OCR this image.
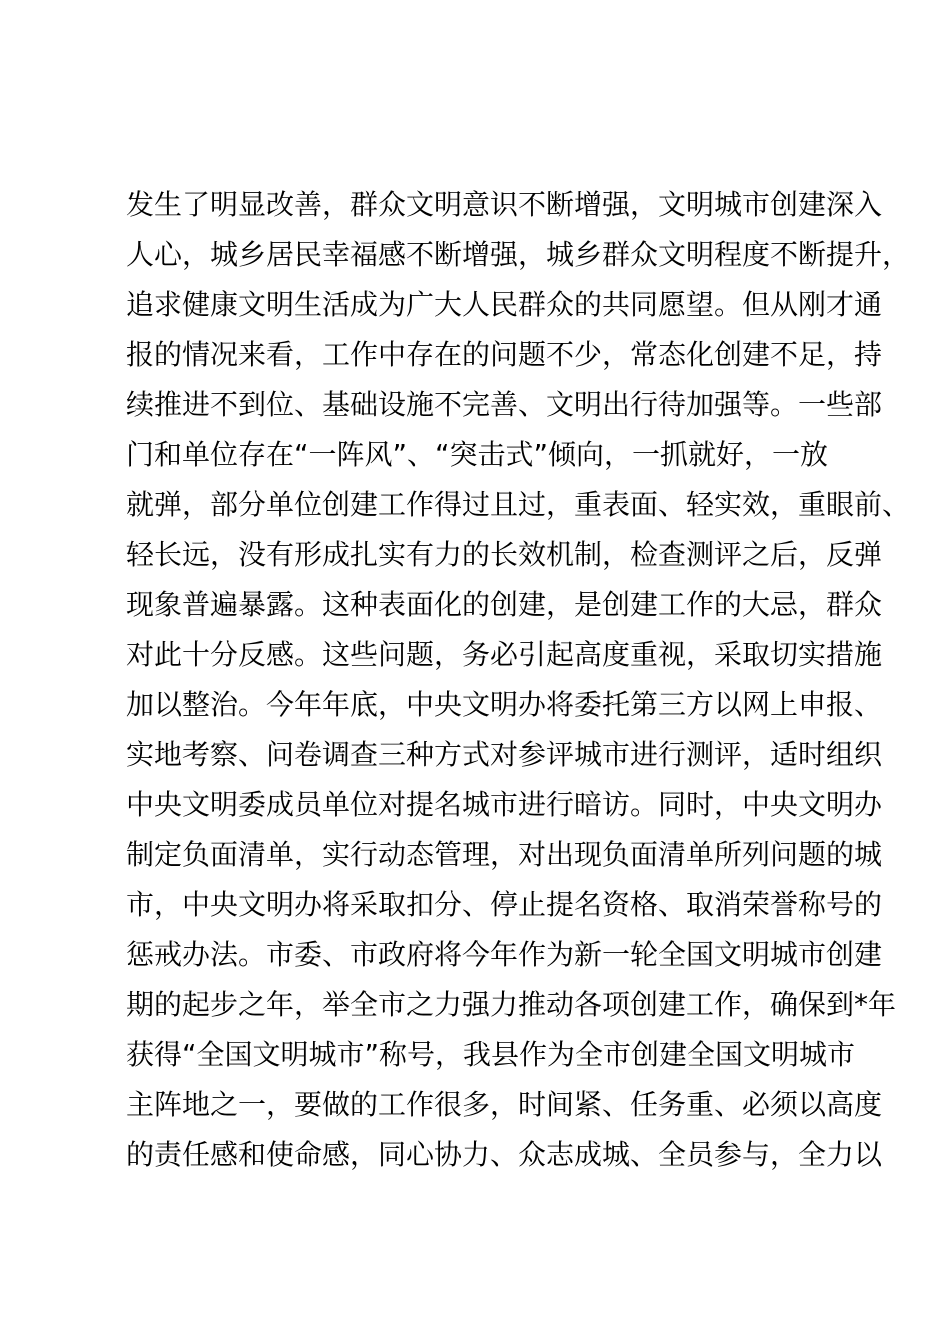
发生了明显改善，群众文明意识不断增强，文明城市创建深入
人心，城乡居民幸福感不断增强，城乡群众文明程度不断提升，
追求健康文明生活成为广大人民群众的共同愿望。但从刚才通
报的情况来看，工作中存在的问题不少，常态化创建不足，持
续推进不到位、基础设施不完善、文明出行待加强等。一些部
门和单位存在“一阵风”、“突击式”倾向，一抓就好，一放
就弹，部分单位创建工作得过且过，重表面、轻实效，重眼前、
轻长远，没有形成扎实有力的长效机制，检查测评之后，反弹
现象普遍暴露。这种表面化的创建，是创建工作的大忌，群众
对此十分反感。这些问题，务必引起高度重视，采取切实措施
加以整治。今年年底，中央文明办将委托第三方以网上申报、
实地考察、问卷调查三种方式对参评城市进行测评，适时组织
中央文明委成员单位对提名城市进行暗访。同时，中央文明办
制定负面清单，实行动态管理，对出现负面清单所列问题的城
市，中央文明办将采取扣分、停止提名资格、取消荣誉称号的
惩戒办法。市委、市政府将今年作为新一轮全国文明城市创建
期的起步之年，举全市之力强力推动各项创建工作，确保到*年
获得“全国文明城市”称号，我县作为全市创建全国文明城市
主阵地之一，要做的工作很多，时间紧、任务重、必须以高度
的责任感和使命感，同心协力、众志成城、全员参与，全力以
